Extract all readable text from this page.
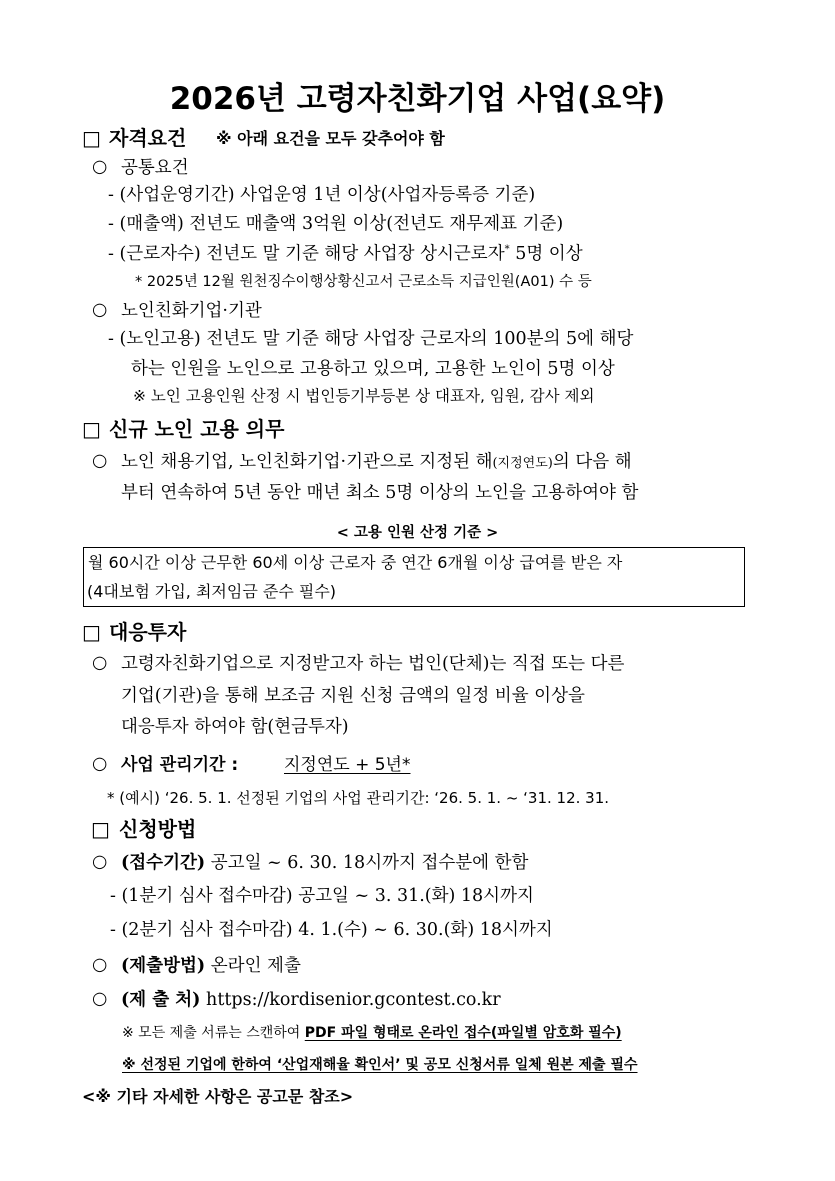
2026년 고령자친화기업 사업(요약)
□ 자격요건 ※ 아래 요건을 모두 갖추어야 함
○ 공통요건
- (사업운영기간) 사업운영 1년 이상(사업자등록증 기준)
- (매출액) 전년도 매출액 3억원 이상(전년도 재무제표 기준)
- (근로자수) 전년도 말 기준 해당 사업장 상시근로자* 5명 이상
* 2025년 12월 원천징수이행상황신고서 근로소득 지급인원(A01) 수 등
○ 노인친화기업·기관
- (노인고용) 전년도 말 기준 해당 사업장 근로자의 100분의 5에 해당
하는 인원을 노인으로 고용하고 있으며, 고용한 노인이 5명 이상
※ 노인 고용인원 산정 시 법인등기부등본 상 대표자, 임원, 감사 제외
□ 신규 노인 고용 의무
○ 노인 채용기업, 노인친화기업·기관으로 지정된 해(지정연도)의 다음 해
부터 연속하여 5년 동안 매년 최소 5명 이상의 노인을 고용하여야 함
< 고용 인원 산정 기준 >
월 60시간 이상 근무한 60세 이상 근로자 중 연간 6개월 이상 급여를 받은 자
(4대보험 가입, 최저임금 준수 필수)
□ 대응투자
○ 고령자친화기업으로 지정받고자 하는 법인(단체)는 직접 또는 다른
기업(기관)을 통해 보조금 지원 신청 금액의 일정 비율 이상을
대응투자 하여야 함(현금투자)
○ 사업 관리기간 :	지정연도 + 5년*
* (예시) ‘26. 5. 1. 선정된 기업의 사업 관리기간: ‘26. 5. 1. ~ ‘31. 12. 31.
□ 신청방법
○ (접수기간) 공고일 ~ 6. 30. 18시까지 접수분에 한함
- (1분기 심사 접수마감) 공고일 ~ 3. 31.(화) 18시까지
- (2분기 심사 접수마감) 4. 1.(수) ~ 6. 30.(화) 18시까지
○ (제출방법) 온라인 제출
○ (제 출 처) https://kordisenior.gcontest.co.kr
※ 모든 제출 서류는 스캔하여 PDF 파일 형태로 온라인 접수(파일별 암호화 필수)
※ 선정된 기업에 한하여 ‘산업재해율 확인서’ 및 공모 신청서류 일체 원본 제출 필수
<※ 기타 자세한 사항은 공고문 참조>
